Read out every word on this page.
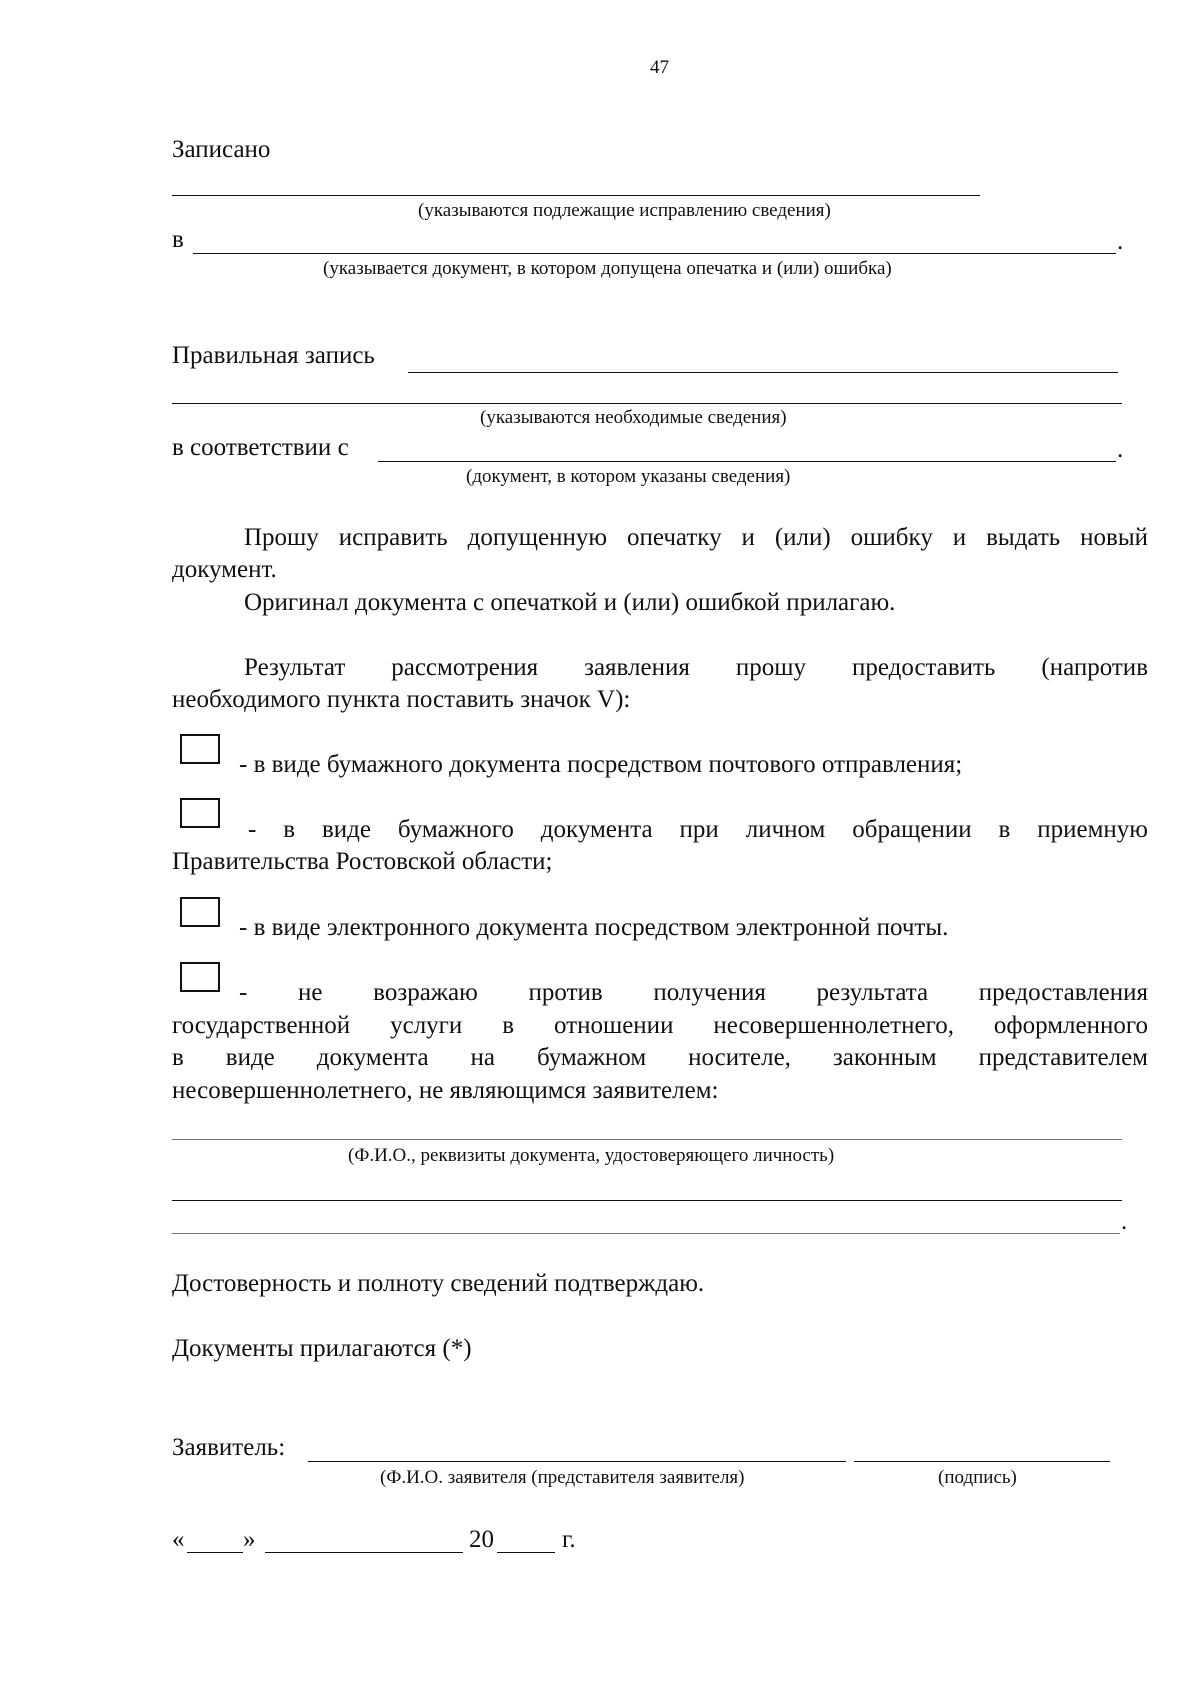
47
Записано
(указываются подлежащие исправлению сведения)
в	.
(указывается документ, в котором допущена опечатка и (или) ошибка)
Правильная запись
(указываются необходимые сведения)
в соответствии с	.
(документ, в котором указаны сведения)
Прошу исправить допущенную опечатку и (или) ошибку и выдать новый
документ.
Оригинал документа с опечаткой и (или) ошибкой прилагаю.
Результат рассмотрения заявления прошу предоставить (напротив
необходимого пункта поставить значок V):
- в виде бумажного документа посредством почтового отправления;
- в виде бумажного документа при личном обращении в приемную
Правительства Ростовской области;
- в виде электронного документа посредством электронной почты.
- не возражаю против получения результата предоставления
государственной услуги в отношении несовершеннолетнего, оформленного
в виде документа на бумажном носителе, законным представителем
несовершеннолетнего, не являющимся заявителем:
(Ф.И.О., реквизиты документа, удостоверяющего личность)
.
Достоверность и полноту сведений подтверждаю.
Документы прилагаются (*)
Заявитель:
(Ф.И.О. заявителя (представителя заявителя)	(подпись)
« »	20	г.
